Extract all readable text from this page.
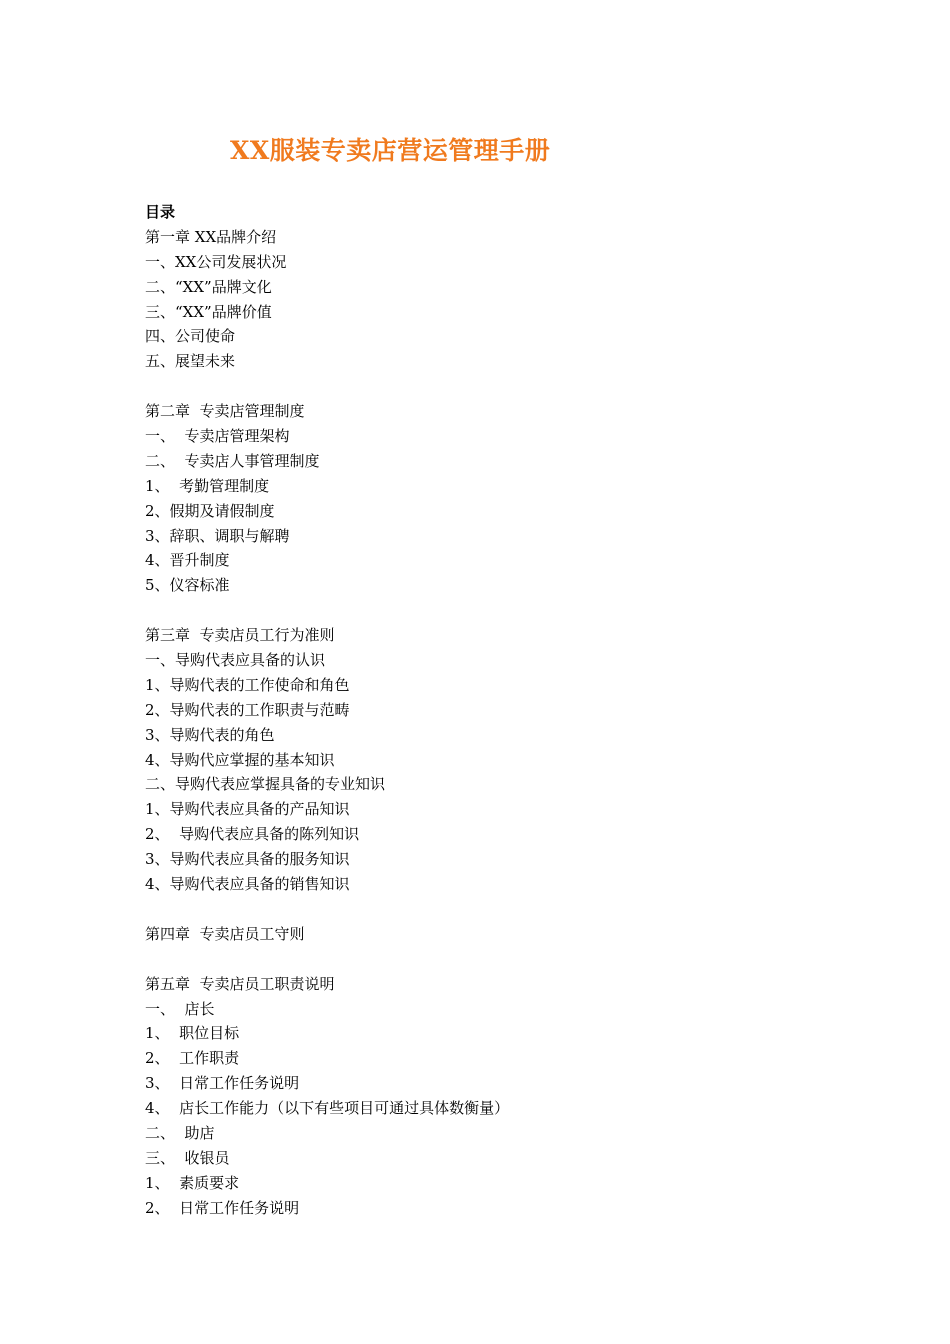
XX服装专卖店营运管理手册
目录
第一章 XX品牌介绍
一、XX公司发展状况
二、“XX”品牌文化
三、“XX”品牌价值
四、公司使命
五、展望未来
第二章  专卖店管理制度
一、  专卖店管理架构
二、  专卖店人事管理制度
1、  考勤管理制度
2、假期及请假制度
3、辞职、调职与解聘
4、晋升制度
5、仪容标准
第三章  专卖店员工行为准则
一、导购代表应具备的认识
1、导购代表的工作使命和角色
2、导购代表的工作职责与范畴
3、导购代表的角色
4、导购代应掌握的基本知识
二、导购代表应掌握具备的专业知识
1、导购代表应具备的产品知识
2、  导购代表应具备的陈列知识
3、导购代表应具备的服务知识
4、导购代表应具备的销售知识
第四章  专卖店员工守则
第五章  专卖店员工职责说明
一、  店长
1、  职位目标
2、  工作职责
3、  日常工作任务说明
4、  店长工作能力（以下有些项目可通过具体数衡量）
二、  助店
三、  收银员
1、  素质要求
2、  日常工作任务说明
